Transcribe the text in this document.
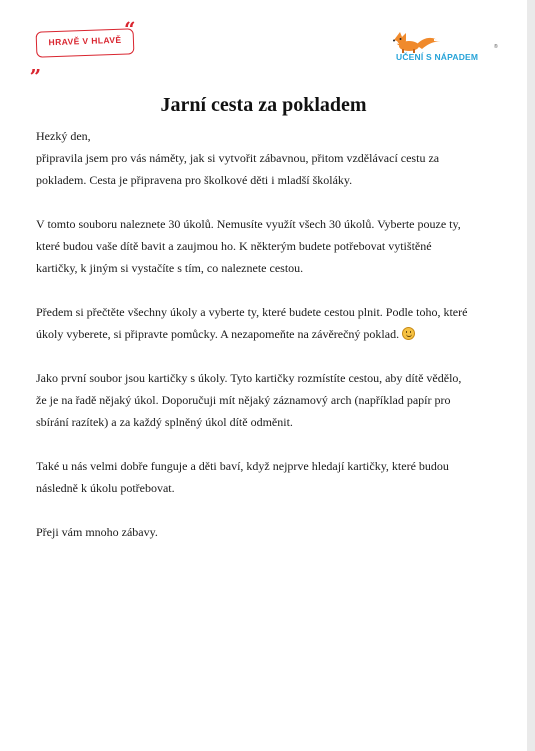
“
„
HRAVĚ V HLAVĚ	®
UČENÍ S NÁPADEM
Jarní cesta za pokladem

Hezký den,
připravila jsem pro vás náměty, jak si vytvořit zábavnou, přitom vzdělávací cestu za
pokladem. Cesta je připravena pro školkové děti i mladší školáky.

V tomto souboru naleznete 30 úkolů. Nemusíte využít všech 30 úkolů. Vyberte pouze ty,
které budou vaše dítě bavit a zaujmou ho. K některým budete potřebovat vytištěné
kartičky, k jiným si vystačíte s tím, co naleznete cestou.

Předem si přečtěte všechny úkoly a vyberte ty, které budete cestou plnit. Podle toho, které
úkoly vyberete, si připravte pomůcky. A nezapomeňte na závěrečný poklad.

Jako první soubor jsou kartičky s úkoly. Tyto kartičky rozmístíte cestou, aby dítě vědělo,
že je na řadě nějaký úkol. Doporučuji mít nějaký záznamový arch (například papír pro
sbírání razítek) a za každý splněný úkol dítě odměnit.

Také u nás velmi dobře funguje a děti baví, když nejprve hledají kartičky, které budou
následně k úkolu potřebovat.

Přeji vám mnoho zábavy.
